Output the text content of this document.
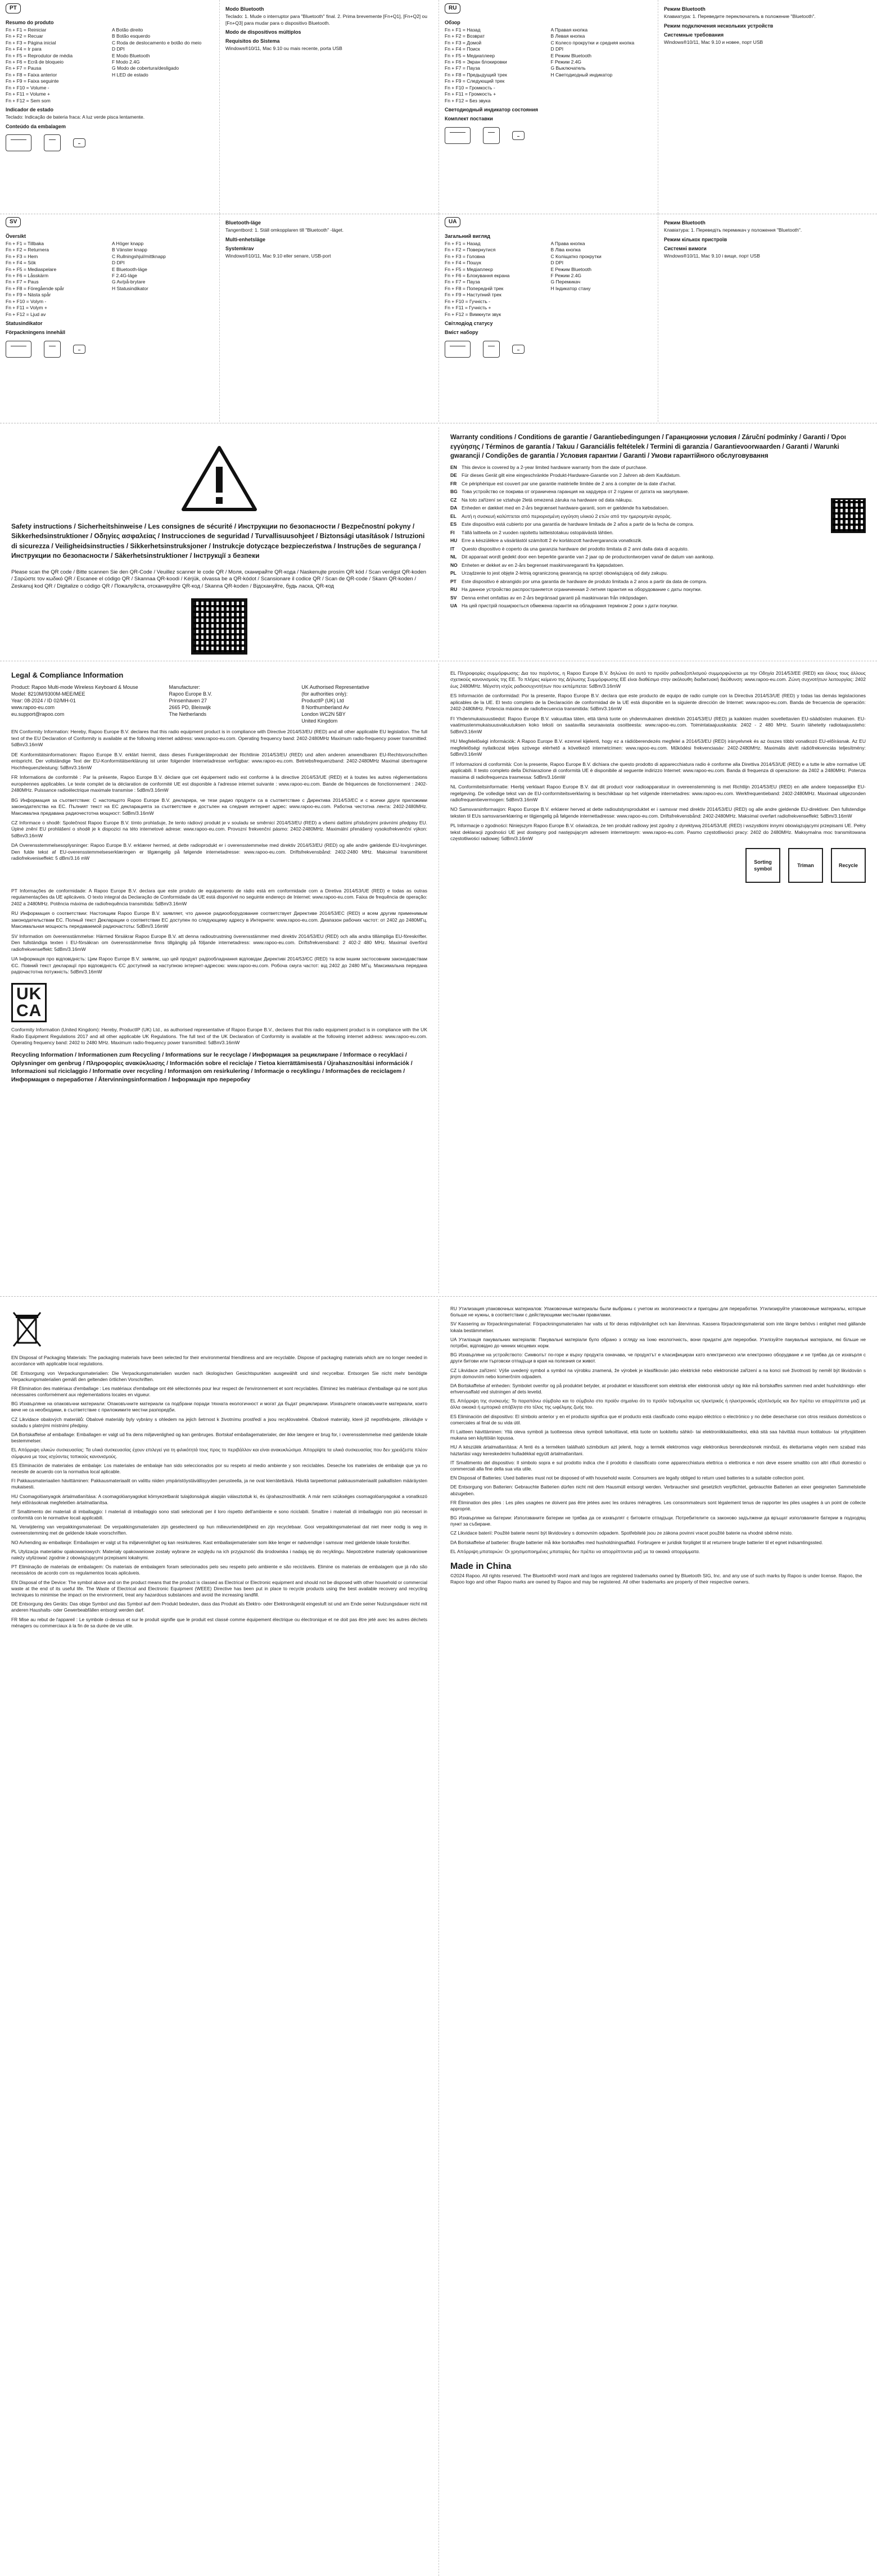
PT
Resumo do produto
Fn + F1 = Reiniciar	A Botão direito
Fn + F2 = Recuar	B Botão esquerdo
Fn + F3 = Página inicial	C Roda de deslocamento e botão do meio
Fn + F4 = Ir para	D DPI
Fn + F5 = Reprodutor de média	E Modo Bluetooth
Fn + F6 = Ecrã de bloqueio	F Modo 2.4G
Fn + F7 = Pausa	G Modo de cobertura/desligado
Fn + F8 = Faixa anterior	H LED de estado
Fn + F9 = Faixa seguinte
Fn + F10 = Volume -
Fn + F11 = Volume +
Fn + F12 = Sem som
Indicador de estado
Teclado: Indicação de bateria fraca: A luz verde pisca lentamente.
Conteúdo da embalagem
Modo Bluetooth
Teclado: 1. Mude o interruptor para "Bluetooth" final. 2. Prima brevemente [Fn+Q1], [Fn+Q2] ou [Fn+Q3] para mudar para o dispositivo Bluetooth.
Modo de dispositivos múltiplos
Requisitos do Sistema
Windows®10/11, Mac 9.10 ou mais recente, porta USB
RU
Обзор
Fn + F1 = Назад	A Правая кнопка
Fn + F2 = Возврат	B Левая кнопка
Fn + F3 = Домой	C Колесо прокрутки и средняя кнопка
Fn + F4 = Поиск	D DPI
Fn + F5 = Медиаплеер	E Режим Bluetooth
Fn + F6 = Экран блокировки	F Режим 2.4G
Fn + F7 = Пауза	G Выключатель
Fn + F8 = Предыдущий трек	H Светодиодный индикатор
Fn + F9 = Следующий трек
Fn + F10 = Громкость -
Fn + F11 = Громкость +
Fn + F12 = Без звука
Светодиодный индикатор состояния
Комплект поставки
Режим Bluetooth
Клавиатура: 1. Переведите переключатель в положение "Bluetooth".
Режим подключения нескольких устройств
Системные требования
Windows®10/11, Mac 9.10 и новее, порт USB
SV
Översikt
Fn + F1 = Tillbaka	A Höger knapp
Fn + F2 = Returnera	B Vänster knapp
Fn + F3 = Hem	C Rullningshjul/mittknapp
Fn + F4 = Sök	D DPI
Fn + F5 = Mediaspelare	E Bluetooth-läge
Fn + F6 = Låsskärm	F 2.4G-läge
Fn + F7 = Paus	G Av/på-brytare
Fn + F8 = Föregående spår	H Statusindikator
Fn + F9 = Nästa spår
Fn + F10 = Volym -
Fn + F11 = Volym +
Fn + F12 = Ljud av
Statusindikator
Förpackningens innehåll
Bluetooth-läge
Tangentbord: 1. Ställ omkopplaren till "Bluetooth" -läget.
Multi-enhetsläge
Systemkrav
Windows®10/11, Mac 9.10 eller senare, USB-port
UA
Загальний вигляд
Fn + F1 = Назад	A Права кнопка
Fn + F2 = Повернутися	B Ліва кнопка
Fn + F3 = Головна	C Коліщатко прокрутки
Fn + F4 = Пошук	D DPI
Fn + F5 = Медіаплеєр	E Режим Bluetooth
Fn + F6 = Блокування екрана	F Режим 2.4G
Fn + F7 = Пауза	G Перемикач
Fn + F8 = Попередній трек	H Індикатор стану
Fn + F9 = Наступний трек
Fn + F10 = Гучність -
Fn + F11 = Гучність +
Fn + F12 = Вимкнути звук
Світлодіод статусу
Вміст набору
Режим Bluetooth
Клавіатура: 1. Переведіть перемикач у положення "Bluetooth".
Режим кількох пристроїв
Системні вимоги
Windows®10/11, Mac 9.10 і вище, порт USB
Safety instructions / Sicherheitshinweise / Les consignes de sécurité / Инструкции по безопасности / Bezpečnostní pokyny / Sikkerhedsinstruktioner / Οδηγίες ασφαλείας / Instrucciones de seguridad / Turvallisuusohjeet / Biztonsági utasítások / Istruzioni di sicurezza / Veiligheidsinstructies / Sikkerhetsinstruksjoner / Instrukcje dotyczące bezpieczeństwa / Instruções de segurança / Инструкции по безопасности / Säkerhetsinstruktioner / Інструкції з безпеки
Please scan the QR code / Bitte scannen Sie den QR-Code / Veuillez scanner le code QR / Moля, сканирайте QR-кода / Naskenujte prosím QR kód / Scan venligst QR-koden / Σαρώστε τον κωδικό QR / Escanee el código QR / Skannaa QR-koodi / Kérjük, olvassa be a QR-kódot / Scansionare il codice QR / Scan de QR-code / Skann QR-koden / Zeskanuj kod QR / Digitalize o código QR / Пожалуйста, отсканируйте QR-код / Skanna QR-koden / Відскануйте, будь ласка, QR-код
Warranty conditions / Conditions de garantie / Garantiebedingungen / Гаранционни условия / Záruční podmínky / Garanti / Όροι εγγύησης / Términos de garantía / Takuu / Garanciális feltételek / Termini di garanzia / Garantievoorwaarden / Garanti / Warunki gwarancji / Condições de garantia / Условия гарантии / Garanti / Умови гарантійного обслуговування
EN This device is covered by a 2-year limited hardware warranty from the date of purchase.
DE Für dieses Gerät gilt eine eingeschränkte Produkt-Hardware-Garantie von 2 Jahren ab dem Kaufdatum.
FR	Ce périphérique est couvert par une garantie matérielle limitée de 2 ans à compter de la date d'achat.
BG Това устройство се покрива от ограничена гаранция на хардуера от 2 години от датата на закупуване.
CZ	Na toto zařízení se vztahuje 2letá omezená záruka na hardware od data nákupu.
DA Enheden er dækket med en 2-års begrænset hardware-garanti, som er gældende fra købsdatoen.
EL	Αυτή η συσκευή καλύπτεται από περιορισμένη εγγύηση υλικού 2 ετών από την ημερομηνία αγοράς.
ES	Este dispositivo está cubierto por una garantía de hardware limitada de 2 años a partir de la fecha de compra.
FI	Tällä laitteella on 2 vuoden rajoitettu laitteistotakuu ostopäivästä lähtien.
HU Erre a készülékre a vásárlástól számított 2 év korlátozott hardvergarancia vonatkozik.
IT	Questo dispositivo è coperto da una garanzia hardware del prodotto limitata di 2 anni dalla data di acquisto.
NL	Dit apparaat wordt gedekt door een beperkte garantie van 2 jaar op de productontworpen vanaf de datum van aankoop.
NO Enheten er dekket av en 2-års begrenset maskinvaregaranti fra kjøpsdatoen.
PL	Urządzenie to jest objęte 2-letnią ograniczoną gwarancją na sprzęt obowiązującą od daty zakupu.
PT	Este dispositivo é abrangido por uma garantia de hardware de produto limitada a 2 anos a partir da data de compra.
RU На данное устройство распространяется ограниченная 2-летняя гарантия на оборудование с даты покупки.
SV	Denna enhet omfattas av en 2-års begränsad garanti på maskinvaran från inköpsdagen.
UA На цей пристрій поширюється обмежена гарантія на обладнання терміном 2 роки з дати покупки.
Legal & Compliance Information
Product: Rapoo Multi-mode Wireless Keyboard & Mouse
Model: 8210M/9300M-MEE/MEE
Year: 08-2024 / ID 02/MH-01
www.rapoo-eu.com
eu.support@rapoo.com
Manufacturer:
Rapoo Europe B.V.
Prinsenhaven 27
2665 PD, Bleiswijk
The Netherlands
UK Authorised Representative
(for authorities only):
ProductIP (UK) Ltd
8 Northumberland Av
London WC2N 5BY
United Kingdom
EN Conformity Information: Hereby, Rapoo Europe B.V. declares that this radio equipment product is in compliance with Directive 2014/53/EU (RED) and all other applicable EU legislation. The full text of the EU Declaration of Conformity is available at the following internet address: www.rapoo-eu.com. Operating frequency band: 2402-2480MHz Maximum radio-frequency power transmitted: 5dBm/3.16mW
DE Konformitätsinformationen: Rapoo Europe B.V. erklärt hiermit, dass dieses Funkgeräteprodukt der Richtlinie 2014/53/EU (RED) und allen anderen anwendbaren EU-Rechtsvorschriften entspricht. Der vollständige Text der EU-Konformitätserklärung ist unter folgender Internetadresse verfügbar: www.rapoo-eu.com. Betriebsfrequenzband: 2402-2480MHz Maximal übertragene Hochfrequenzleistung: 5dBm/3.16mW
FR Informations de conformité : Par la présente, Rapoo Europe B.V. déclare que cet équipement radio est conforme à la directive 2014/53/UE (RED) et à toutes les autres réglementations européennes applicables. Le texte complet de la déclaration de conformité UE est disponible à l'adresse internet suivante : www.rapoo-eu.com. Bande de fréquences de fonctionnement : 2402-2480MHz. Puissance radioélectrique maximale transmise : 5dBm/3.16mW
BG Информация за съответствие: С настоящото Rapoo Europe B.V. декларира, че тези радио продукти са в съответствие с Директива 2014/53/ЕС и с всички други приложими законодателства на ЕС. Пълният текст на ЕС декларацията за съответствие е достъпен на следния интернет адрес: www.rapoo-eu.com. Работна честотна лента: 2402-2480MHz. Максимална предавана радиочестотна мощност: 5dBm/3.16mW
CZ Informace o shodě: Společnost Rapoo Europe B.V. tímto prohlašuje, že tento rádiový produkt je v souladu se směrnicí 2014/53/EU (RED) a všemi dalšími příslušnými právními předpisy EU. Úplné znění EU prohlášení o shodě je k dispozici na této internetové adrese: www.rapoo-eu.com. Provozní frekvenční pásmo: 2402-2480MHz. Maximální přenášený vysokofrekvenční výkon: 5dBm/3.16mW
DA Overensstemmelsesoplysninger: Rapoo Europe B.V. erklærer hermed, at dette radioprodukt er i overensstemmelse med direktiv 2014/53/EU (RED) og alle andre gældende EU-lovgivninger. Den fulde tekst af EU-overensstemmelseserklæringen er tilgængelig på følgende internetadresse: www.rapoo-eu.com. Driftsfrekvensbånd: 2402-2480 MHz. Maksimal transmitteret radiofrekveniseffekt: 5 dBm/3.16 mW
PT Informações de conformidade: A Rapoo Europe B.V. declara que este produto de equipamento de rádio está em conformidade com a Diretiva 2014/53/UE (RED) e todas as outras regulamentações da UE aplicáveis. O texto integral da Declaração de Conformidade da UE está disponível no seguinte endereço de Internet: www.rapoo-eu.com. Faixa de frequência de operação: 2402 a 2480MHz. Potência máxima de radiofrequência transmitida: 5dBm/3.16mW
RU Информация о соответствии: Настоящим Rapoo Europe B.V. заявляет, что данное радиооборудование соответствует Директиве 2014/53/ЕС (RED) и всем другим применимым законодательствам ЕС. Полный текст Декларации о соответствии ЕС доступен по следующему адресу в Интернете: www.rapoo-eu.com. Диапазон рабочих частот: от 2402 до 2480МГц. Максимальная мощность передаваемой радиочастоты: 5dBm/3.16mW
SV Information om överensstämmelse: Härmed försäkrar Rapoo Europe B.V. att denna radioutrustning överensstämmer med direktiv 2014/53/EU (RED) och alla andra tillämpliga EU-föreskrifter. Den fullständiga texten i EU-försäkran om överensstämmelse finns tillgänglig på följande internetadress: www.rapoo-eu.com. Driftsfrekvensband: 2 402-2 480 MHz. Maximal överförd radiofrekvenseffekt: 5dBm/3.16mW
UA Інформація про відповідність: Цим Rapoo Europe B.V. заявляє, що цей продукт радіообладнання відповідає Директиві 2014/53/ЄС (RED) та всім іншим застосовним законодавствам ЄС. Повний текст декларації про відповідність ЄС доступний за наступною інтернет-адресою: www.rapoo-eu.com. Робоча смуга частот: від 2402 до 2480 МГц. Максимальна передана радіочастотна потужність: 5dBm/3.16mW
UK
CA
Conformity Information (United Kingdom): Hereby, ProductIP (UK) Ltd., as authorised representative of Rapoo Europe B.V., declares that this radio equipment product is in compliance with the UK Radio Equipment Regulations 2017 and all other applicable UK Regulations. The full text of the UK Declaration of Conformity is available at the following internet address: www.rapoo-eu.com. Operating frequency band: 2402 to 2480 MHz. Maximum radio-frequency power transmitted: 5dBm/3.16mW
Recycling Information / Informationen zum Recycling / Informations sur le recyclage / Информация за рециклиране / Informace o recyklaci / Oplysninger om genbrug / Πληροφορίες ανακύκλωσης / Información sobre el reciclaje / Tietoa kierrättämisestä / Újrahasznosítási információk / Informazioni sul riciclaggio / Informatie over recycling / Informasjon om resirkulering / Informacje o recyklingu / Informações de reciclagem / Информация о переработке / Återvinningsinformation / Інформація про переробку
EL Πληροφορίες συμμόρφωσης: Δια του παρόντος, η Rapoo Europe B.V. δηλώνει ότι αυτό το προϊόν ραδιοεξοπλισμού συμμορφώνεται με την Οδηγία 2014/53/ΕΕ (RED) και όλους τους άλλους σχετικούς κανονισμούς της ΕΕ. Το πλήρες κείμενο της Δήλωσης Συμμόρφωσης ΕΕ είναι διαθέσιμο στην ακόλουθη διαδικτυακή διεύθυνση: www.rapoo-eu.com. Ζώνη συχνοτήτων λειτουργίας: 2402 έως 2480MHz. Μέγιστη ισχύς ραδιοσυχνοτήτων που εκπέμπεται: 5dBm/3.16mW
ES Información de conformidad: Por la presente, Rapoo Europe B.V. declara que este producto de equipo de radio cumple con la Directiva 2014/53/UE (RED) y todas las demás legislaciones aplicables de la UE. El texto completo de la Declaración de conformidad de la UE está disponible en la siguiente dirección de Internet: www.rapoo-eu.com. Banda de frecuencia de operación: 2402-2480MHz. Potencia máxima de radiofrecuencia transmitida: 5dBm/3.16mW
FI Yhdenmukaisuustiedot: Rapoo Europe B.V. vakuuttaa täten, että tämä tuote on yhdenmukainen direktiivin 2014/53/EU (RED) ja kaikkien muiden sovellettavien EU-säädösten mukainen. EU-vaatimustenmukaisuusvakuutuksen koko teksti on saatavilla seuraavasta osoitteesta: www.rapoo-eu.com. Toimintataajuuskaista: 2402 - 2 480 MHz. Suurin lähetetty radiotaajuusteho: 5dBm/3.16mW
HU Megfelelőségi információk: A Rapoo Europe B.V. ezennel kijelenti, hogy ez a rádióberendezés megfelel a 2014/53/EU (RED) irányelvnek és az összes többi vonatkozó EU-előírásnak. Az EU megfelelőségi nyilatkozat teljes szövege elérhető a következő internetcímen: www.rapoo-eu.com. Működési frekvenciasáv: 2402-2480MHz. Maximális átvitt rádiófrekvenciás teljesítmény: 5dBm/3.16mW
IT Informazioni di conformità: Con la presente, Rapoo Europe B.V. dichiara che questo prodotto di apparecchiatura radio è conforme alla Direttiva 2014/53/UE (RED) e a tutte le altre normative UE applicabili. Il testo completo della Dichiarazione di conformità UE è disponibile al seguente indirizzo Internet: www.rapoo-eu.com. Banda di frequenza di operazione: da 2402 a 2480MHz. Potenza massima di radiofrequenza trasmessa: 5dBm/3.16mW
NL Conformiteitsinformatie: Hierbij verklaart Rapoo Europe B.V. dat dit product voor radioapparatuur in overeenstemming is met Richtlijn 2014/53/EU (RED) en alle andere toepasselijke EU-regelgeving. De volledige tekst van de EU-conformiteitsverklaring is beschikbaar op het volgende internetadres: www.rapoo-eu.com. Werkfrequentieband: 2402-2480MHz. Maximaal uitgezonden radiofrequentievermogen: 5dBm/3.16mW
NO Samsvarsinformasjon: Rapoo Europe B.V. erklærer herved at dette radioutstyrsproduktet er i samsvar med direktiv 2014/53/EU (RED) og alle andre gjeldende EU-direktiver. Den fullstendige teksten til EUs samsvarserklæring er tilgjengelig på følgende internettadresse: www.rapoo-eu.com. Driftsfrekvensbånd: 2402-2480MHz. Maksimal overført radiofrekvenseffekt: 5dBm/3.16mW
PL Informacje o zgodności: Niniejszym Rapoo Europe B.V. oświadcza, że ten produkt radiowy jest zgodny z dyrektywą 2014/53/UE (RED) i wszystkimi innymi obowiązującymi przepisami UE. Pełny tekst deklaracji zgodności UE jest dostępny pod następującym adresem internetowym: www.rapoo-eu.com. Pasmo częstotliwości pracy: 2402 do 2480MHz. Maksymalna moc transmitowana częstotliwości radiowej: 5dBm/3.16mW
Sorting symbol
Triman	Recycle
EN Disposal of Packaging Materials: The packaging materials have been selected for their environmental friendliness and are recyclable. Dispose of packaging materials which are no longer needed in accordance with applicable local regulations.
DE Entsorgung von Verpackungsmaterialien: Die Verpackungsmaterialien wurden nach ökologischen Gesichtspunkten ausgewählt und sind recycelbar. Entsorgen Sie nicht mehr benötigte Verpackungsmaterialien gemäß den geltenden örtlichen Vorschriften.
FR Élimination des matériaux d'emballage : Les matériaux d'emballage ont été sélectionnés pour leur respect de l'environnement et sont recyclables. Éliminez les matériaux d'emballage qui ne sont plus nécessaires conformément aux réglementations locales en vigueur.
BG Изхвърляне на опаковъчни материали: Опаковъчните материали са подбрани поради тяхната екологичност и могат да бъдат рециклирани. Изхвърлете опаковъчните материали, които вече не са необходими, в съответствие с приложимите местни разпоредби.
CZ Likvidace obalových materiálů: Obalové materiály byly vybrány s ohledem na jejich šetrnost k životnímu prostředí a jsou recyklovatelné. Obalové materiály, které již nepotřebujete, zlikvidujte v souladu s platnými místními předpisy.
DA Bortskaffelse af emballage: Emballagen er valgt ud fra dens miljøvenlighed og kan genbruges. Bortskaf emballagematerialer, der ikke længere er brug for, i overensstemmelse med gældende lokale bestemmelser.
EL Απόρριψη υλικών συσκευασίας: Τα υλικά συσκευασίας έχουν επιλεγεί για τη φιλικότητά τους προς το περιβάλλον και είναι ανακυκλώσιμα. Απορρίψτε τα υλικά συσκευασίας που δεν χρειάζεστε πλέον σύμφωνα με τους ισχύοντες τοπικούς κανονισμούς.
ES Eliminación de materiales de embalaje: Los materiales de embalaje han sido seleccionados por su respeto al medio ambiente y son reciclables. Deseche los materiales de embalaje que ya no necesite de acuerdo con la normativa local aplicable.
FI Pakkausmateriaalien hävittäminen: Pakkausmateriaalit on valittu niiden ympäristöystävällisyyden perusteella, ja ne ovat kierrätettäviä. Hävitä tarpeettomat pakkausmateriaalit paikallisten määräysten mukaisesti.
HU Csomagolóanyagok ártalmatlanítása: A csomagolóanyagokat környezetbarát tulajdonságuk alapján választottuk ki, és újrahasznosíthatók. A már nem szükséges csomagolóanyagokat a vonatkozó helyi előírásoknak megfelelően ártalmatlanítsa.
IT Smaltimento dei materiali di imballaggio: I materiali di imballaggio sono stati selezionati per il loro rispetto dell'ambiente e sono riciclabili. Smaltire i materiali di imballaggio non più necessari in conformità con le normative locali applicabili.
NL Verwijdering van verpakkingsmateriaal: De verpakkingsmaterialen zijn geselecteerd op hun milieuvriendelijkheid en zijn recyclebaar. Gooi verpakkingsmateriaal dat niet meer nodig is weg in overeenstemming met de geldende lokale voorschriften.
NO Avhending av emballasje: Emballasjen er valgt ut fra miljøvennlighet og kan resirkuleres. Kast emballasjematerialer som ikke lenger er nødvendige i samsvar med gjeldende lokale forskrifter.
PL Utylizacja materiałów opakowaniowych: Materiały opakowaniowe zostały wybrane ze względu na ich przyjazność dla środowiska i nadają się do recyklingu. Niepotrzebne materiały opakowaniowe należy utylizować zgodnie z obowiązującymi przepisami lokalnymi.
PT Eliminação de materiais de embalagem: Os materiais de embalagem foram selecionados pelo seu respeito pelo ambiente e são recicláveis. Elimine os materiais de embalagem que já não são necessários de acordo com os regulamentos locais aplicáveis.
EN Disposal of the Device: The symbol above and on the product means that the product is classed as Electrical or Electronic equipment and should not be disposed with other household or commercial waste at the end of its useful life. The Waste of Electrical and Electronic Equipment (WEEE) Directive has been put in place to recycle products using the best available recovery and recycling techniques to minimise the impact on the environment, treat any hazardous substances and avoid the increasing landfill.
DE Entsorgung des Geräts: Das obige Symbol und das Symbol auf dem Produkt bedeuten, dass das Produkt als Elektro- oder Elektronikgerät eingestuft ist und am Ende seiner Nutzungsdauer nicht mit anderen Haushalts- oder Gewerbeabfällen entsorgt werden darf.
FR Mise au rebut de l'appareil : Le symbole ci-dessus et sur le produit signifie que le produit est classé comme équipement électrique ou électronique et ne doit pas être jeté avec les autres déchets ménagers ou commerciaux à la fin de sa durée de vie utile.
RU Утилизация упаковочных материалов: Упаковочные материалы были выбраны с учетом их экологичности и пригодны для переработки. Утилизируйте упаковочные материалы, которые больше не нужны, в соответствии с действующими местными правилами.
SV Kassering av förpackningsmaterial: Förpackningsmaterialen har valts ut för deras miljövänlighet och kan återvinnas. Kassera förpackningsmaterial som inte längre behövs i enlighet med gällande lokala bestämmelser.
UA Утилізація пакувальних матеріалів: Пакувальні матеріали було обрано з огляду на їхню екологічність, вони придатні для переробки. Утилізуйте пакувальні матеріали, які більше не потрібні, відповідно до чинних місцевих норм.
BG Изхвърляне на устройството: Символът по-горе и върху продукта означава, че продуктът е класифициран като електрическо или електронно оборудване и не трябва да се изхвърля с други битови или търговски отпадъци в края на полезния си живот.
CZ Likvidace zařízení: Výše uvedený symbol a symbol na výrobku znamená, že výrobek je klasifikován jako elektrické nebo elektronické zařízení a na konci své životnosti by neměl být likvidován s jiným domovním nebo komerčním odpadem.
DA Bortskaffelse af enheden: Symbolet ovenfor og på produktet betyder, at produktet er klassificeret som elektrisk eller elektronisk udstyr og ikke må bortskaffes sammen med andet husholdnings- eller erhvervsaffald ved slutningen af dets levetid.
EL Απόρριψη της συσκευής: Το παραπάνω σύμβολο και το σύμβολο στο προϊόν σημαίνει ότι το προϊόν ταξινομείται ως ηλεκτρικός ή ηλεκτρονικός εξοπλισμός και δεν πρέπει να απορρίπτεται μαζί με άλλα οικιακά ή εμπορικά απόβλητα στο τέλος της ωφέλιμης ζωής του.
ES Eliminación del dispositivo: El símbolo anterior y en el producto significa que el producto está clasificado como equipo eléctrico o electrónico y no debe desecharse con otros residuos domésticos o comerciales al final de su vida útil.
FI Laitteen hävittäminen: Yllä oleva symboli ja tuotteessa oleva symboli tarkoittavat, että tuote on luokiteltu sähkö- tai elektroniikkalaitteeksi, eikä sitä saa hävittää muun kotitalous- tai yritysjätteen mukana sen käyttöiän lopussa.
HU A készülék ártalmatlanítása: A fenti és a terméken található szimbólum azt jelenti, hogy a termék elektromos vagy elektronikus berendezésnek minősül, és élettartama végén nem szabad más háztartási vagy kereskedelmi hulladékkal együtt ártalmatlanítani.
IT Smaltimento del dispositivo: Il simbolo sopra e sul prodotto indica che il prodotto è classificato come apparecchiatura elettrica o elettronica e non deve essere smaltito con altri rifiuti domestici o commerciali alla fine della sua vita utile.
EN Disposal of Batteries: Used batteries must not be disposed of with household waste. Consumers are legally obliged to return used batteries to a suitable collection point.
DE Entsorgung von Batterien: Gebrauchte Batterien dürfen nicht mit dem Hausmüll entsorgt werden. Verbraucher sind gesetzlich verpflichtet, gebrauchte Batterien an einer geeigneten Sammelstelle abzugeben.
FR Élimination des piles : Les piles usagées ne doivent pas être jetées avec les ordures ménagères. Les consommateurs sont légalement tenus de rapporter les piles usagées à un point de collecte approprié.
BG Изхвърляне на батерии: Използваните батерии не трябва да се изхвърлят с битовите отпадъци. Потребителите са законово задължени да връщат използваните батерии в подходящ пункт за събиране.
CZ Likvidace baterií: Použité baterie nesmí být likvidovány s domovním odpadem. Spotřebitelé jsou ze zákona povinni vracet použité baterie na vhodné sběrné místo.
DA Bortskaffelse af batterier: Brugte batterier må ikke bortskaffes med husholdningsaffald. Forbrugere er juridisk forpligtet til at returnere brugte batterier til et egnet indsamlingssted.
EL Απόρριψη μπαταριών: Οι χρησιμοποιημένες μπαταρίες δεν πρέπει να απορρίπτονται μαζί με τα οικιακά απορρίμματα.
Made in China
©2024 Rapoo. All rights reserved. The Bluetooth® word mark and logos are registered trademarks owned by Bluetooth SIG, Inc. and any use of such marks by Rapoo is under license. Rapoo, the Rapoo logo and other Rapoo marks are owned by Rapoo and may be registered. All other trademarks are property of their respective owners.
